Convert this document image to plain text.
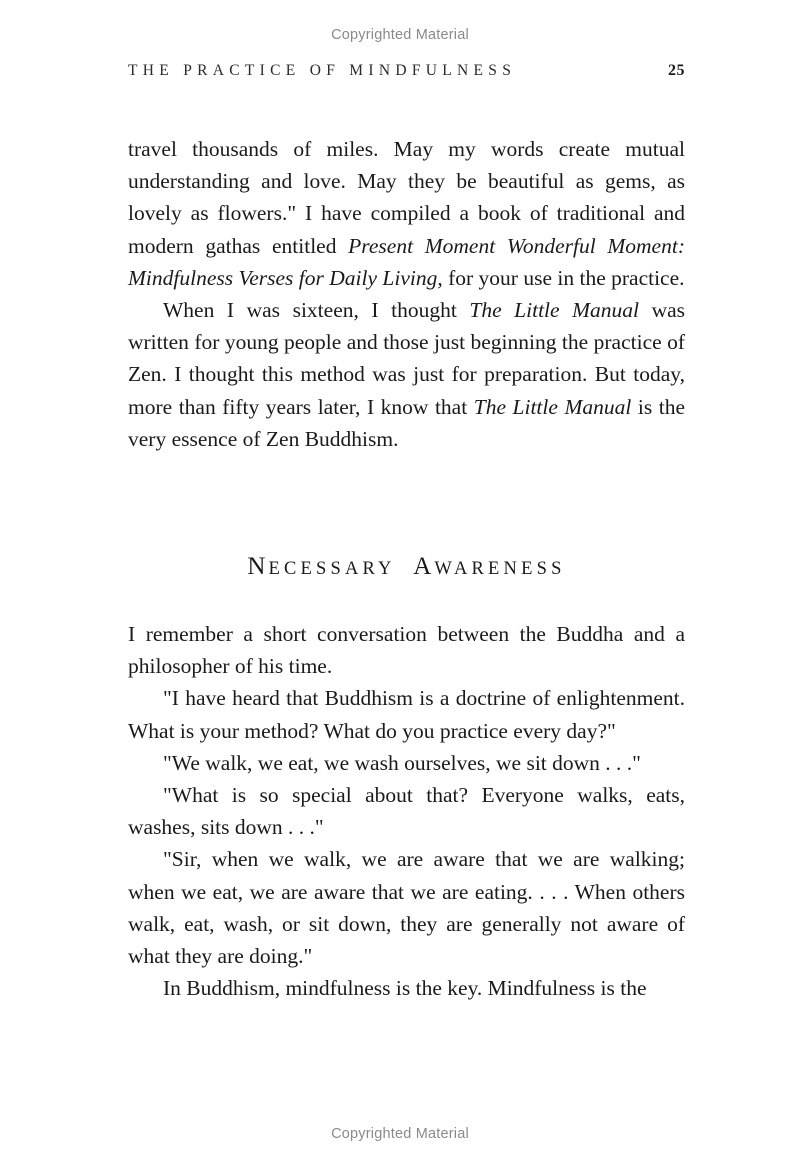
Copyrighted Material
THE PRACTICE OF MINDFULNESS	25

travel thousands of miles. May my words create mutual understanding and love. May they be beautiful as gems, as lovely as flowers." I have compiled a book of traditional and modern gathas entitled Present Moment Wonderful Moment: Mindfulness Verses for Daily Living, for your use in the practice.

When I was sixteen, I thought The Little Manual was written for young people and those just beginning the practice of Zen. I thought this method was just for preparation. But today, more than fifty years later, I know that The Little Manual is the very essence of Zen Buddhism.

NECESSARY AWARENESS

I remember a short conversation between the Buddha and a philosopher of his time.

"I have heard that Buddhism is a doctrine of enlightenment. What is your method? What do you practice every day?"

"We walk, we eat, we wash ourselves, we sit down . . ."

"What is so special about that? Everyone walks, eats, washes, sits down . . ."

"Sir, when we walk, we are aware that we are walking; when we eat, we are aware that we are eating. . . . When others walk, eat, wash, or sit down, they are generally not aware of what they are doing."

In Buddhism, mindfulness is the key. Mindfulness is the

Copyrighted Material
